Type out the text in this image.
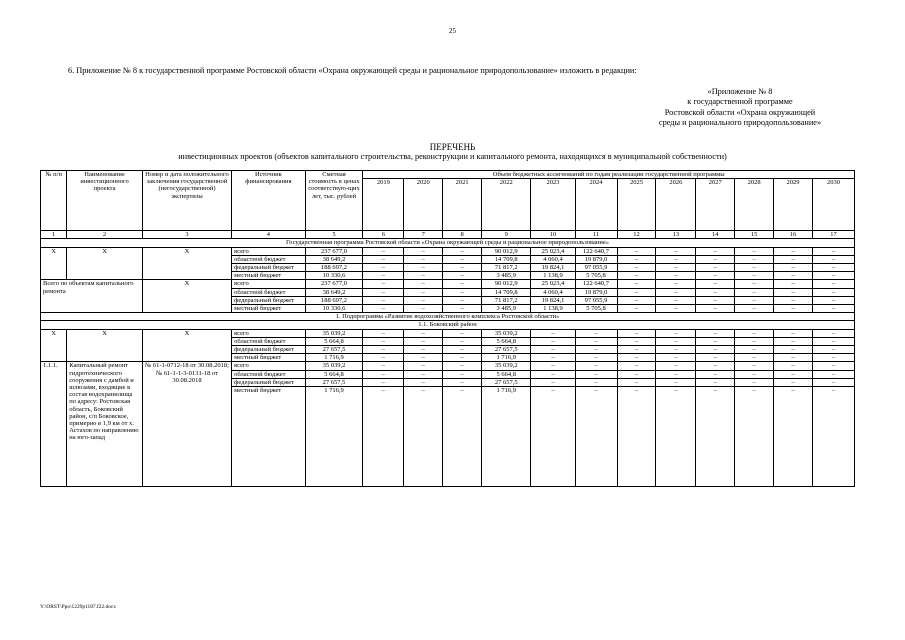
25
6. Приложение № 8 к государственной программе Ростовской области «Охрана окружающей среды и рациональное природопользование» изложить в редакции:
«Приложение № 8
к государственной программе
Ростовской области «Охрана окружающей
среды и рационального природопользование»
ПЕРЕЧЕНЬ
инвестиционных проектов (объектов капитального строительства, реконструкции и капитального ремонта, находящихся в муниципальной собственности)
№ п/п	Наименование инвестиционного проекта	Номер и дата положительного заключения государственной (негосударственной) экспертизы	Источник финансирования	Сметная стоимость в ценах соответствую-щих лет, тыс. рублей	Объем бюджетных ассигнований по годам реализации государственной программы											
					2019	2020	2021	2022	2023	2024	2025	2026	2027	2028	2029	2030
1	2	3	4	5	6	7	8	9	10	11	12	13	14	15	16	17
Государственная программа Ростовской области «Охрана окружающей среды и рациональное природопользование»																
X	X	X	всего	237 677,0	–	–	–	90 012,9	25 023,4	122 640,7	–	–	–	–	–	–
			областной бюджет	38 649,2	–	–	–	14 709,8	4 060,4	19 879,0	–	–	–	–	–	–
			федеральный бюджет	188 697,2	–	–	–	71 817,2	19 824,1	97 055,9	–	–	–	–	–	–
			местный бюджет	10 330,6	–	–	–	3 485,9	1 138,9	5 705,8	–	–	–	–	–	–
Всего по объектам капитального ремонта		X	всего	237 677,0	–	–	–	90 012,9	25 023,4	122 640,7	–	–	–	–	–	–
			областной бюджет	38 649,2	–	–	–	14 709,8	4 060,4	19 879,0	–	–	–	–	–	–
			федеральный бюджет	188 697,2	–	–	–	71 817,2	19 824,1	97 055,9	–	–	–	–	–	–
			местный бюджет	10 330,6	–	–	–	3 485,9	1 138,9	5 705,8	–	–	–	–	–	–
1. Подпрограмма «Развитие водохозяйственного комплекса Ростовской области»																
1.1. Боковский район																
X	X	X	всего	35 039,2	–	–	–	35 039,2	–	–	–	–	–	–	–	–
			областной бюджет	5 664,8	–	–	–	5 664,8	–	–	–	–	–	–	–	–
			федеральный бюджет	27 657,5	–	–	–	27 657,5	–	–	–	–	–	–	–	–
			местный бюджет	1 716,9	–	–	–	1 716,9	–	–	–	–	–	–	–	–
1.1.1.	Капитальный ремонт гидротехнического сооружения с дамбой и шлюзами, входящие в состав водохранилища по адресу: Ростовская область, Боковский район, с/п Боковское, примерно в 1,9 км от х. Астахов по направлению на юго-запад	№ 61-1-0712-18 от 30.08.2018; № 61-1-1-3-0131-18 от 30.08.2018	всего	35 039,2	–	–	–	35 039,2	–	–	–	–	–	–	–	–
			областной бюджет	5 664,8	–	–	–	5 664,8	–	–	–	–	–	–	–	–
			федеральный бюджет	27 657,5	–	–	–	27 657,5	–	–	–	–	–	–	–	–
			местный бюджет	1 716,9	–	–	–	1 716,9	–	–	–	–	–	–	–	–
Y:\ORST\Ppo\1229p1187.f22.docx
